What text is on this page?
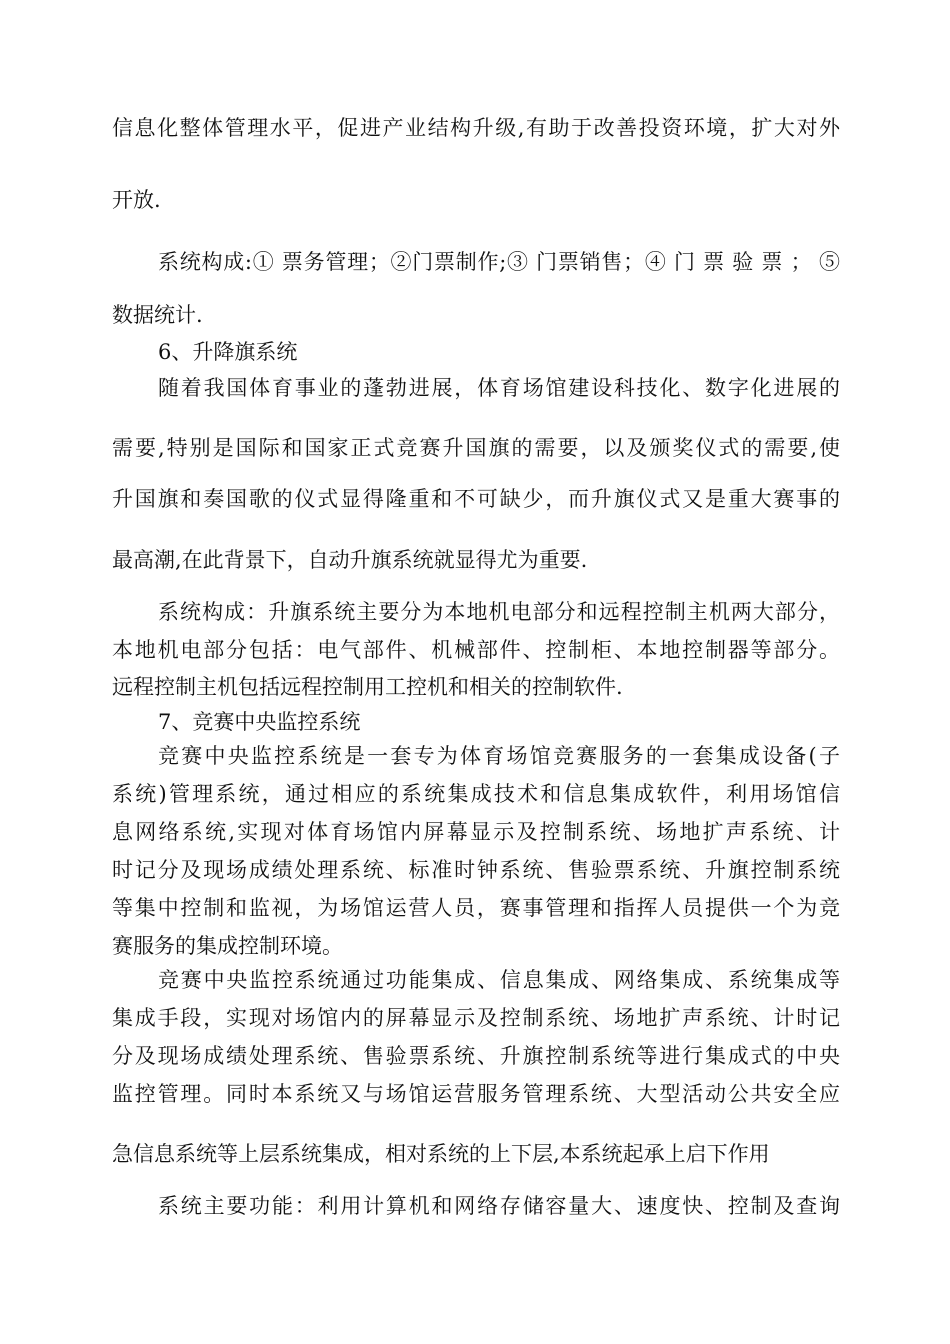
信息化整体管理水平，促进产业结构升级,有助于改善投资环境，扩大对外

开放.

系统构成:① 票务管理；②门票制作;③ 门票销售；④ 门 票 验 票 ； ⑤

数据统计.

6、升降旗系统

随着我国体育事业的蓬勃进展，体育场馆建设科技化、数字化进展的

需要,特别是国际和国家正式竞赛升国旗的需要，以及颁奖仪式的需要,使

升国旗和奏国歌的仪式显得隆重和不可缺少，而升旗仪式又是重大赛事的

最高潮,在此背景下，自动升旗系统就显得尤为重要.

系统构成：升旗系统主要分为本地机电部分和远程控制主机两大部分，

本地机电部分包括：电气部件、机械部件、控制柜、本地控制器等部分。

远程控制主机包括远程控制用工控机和相关的控制软件.

7、竞赛中央监控系统

竞赛中央监控系统是一套专为体育场馆竞赛服务的一套集成设备(子

系统)管理系统，通过相应的系统集成技术和信息集成软件，利用场馆信

息网络系统,实现对体育场馆内屏幕显示及控制系统、场地扩声系统、计

时记分及现场成绩处理系统、标准时钟系统、售验票系统、升旗控制系统

等集中控制和监视，为场馆运营人员，赛事管理和指挥人员提供一个为竞

赛服务的集成控制环境。

竞赛中央监控系统通过功能集成、信息集成、网络集成、系统集成等

集成手段，实现对场馆内的屏幕显示及控制系统、场地扩声系统、计时记

分及现场成绩处理系统、售验票系统、升旗控制系统等进行集成式的中央

监控管理。同时本系统又与场馆运营服务管理系统、大型活动公共安全应

急信息系统等上层系统集成，相对系统的上下层,本系统起承上启下作用

系统主要功能：利用计算机和网络存储容量大、速度快、控制及查询
